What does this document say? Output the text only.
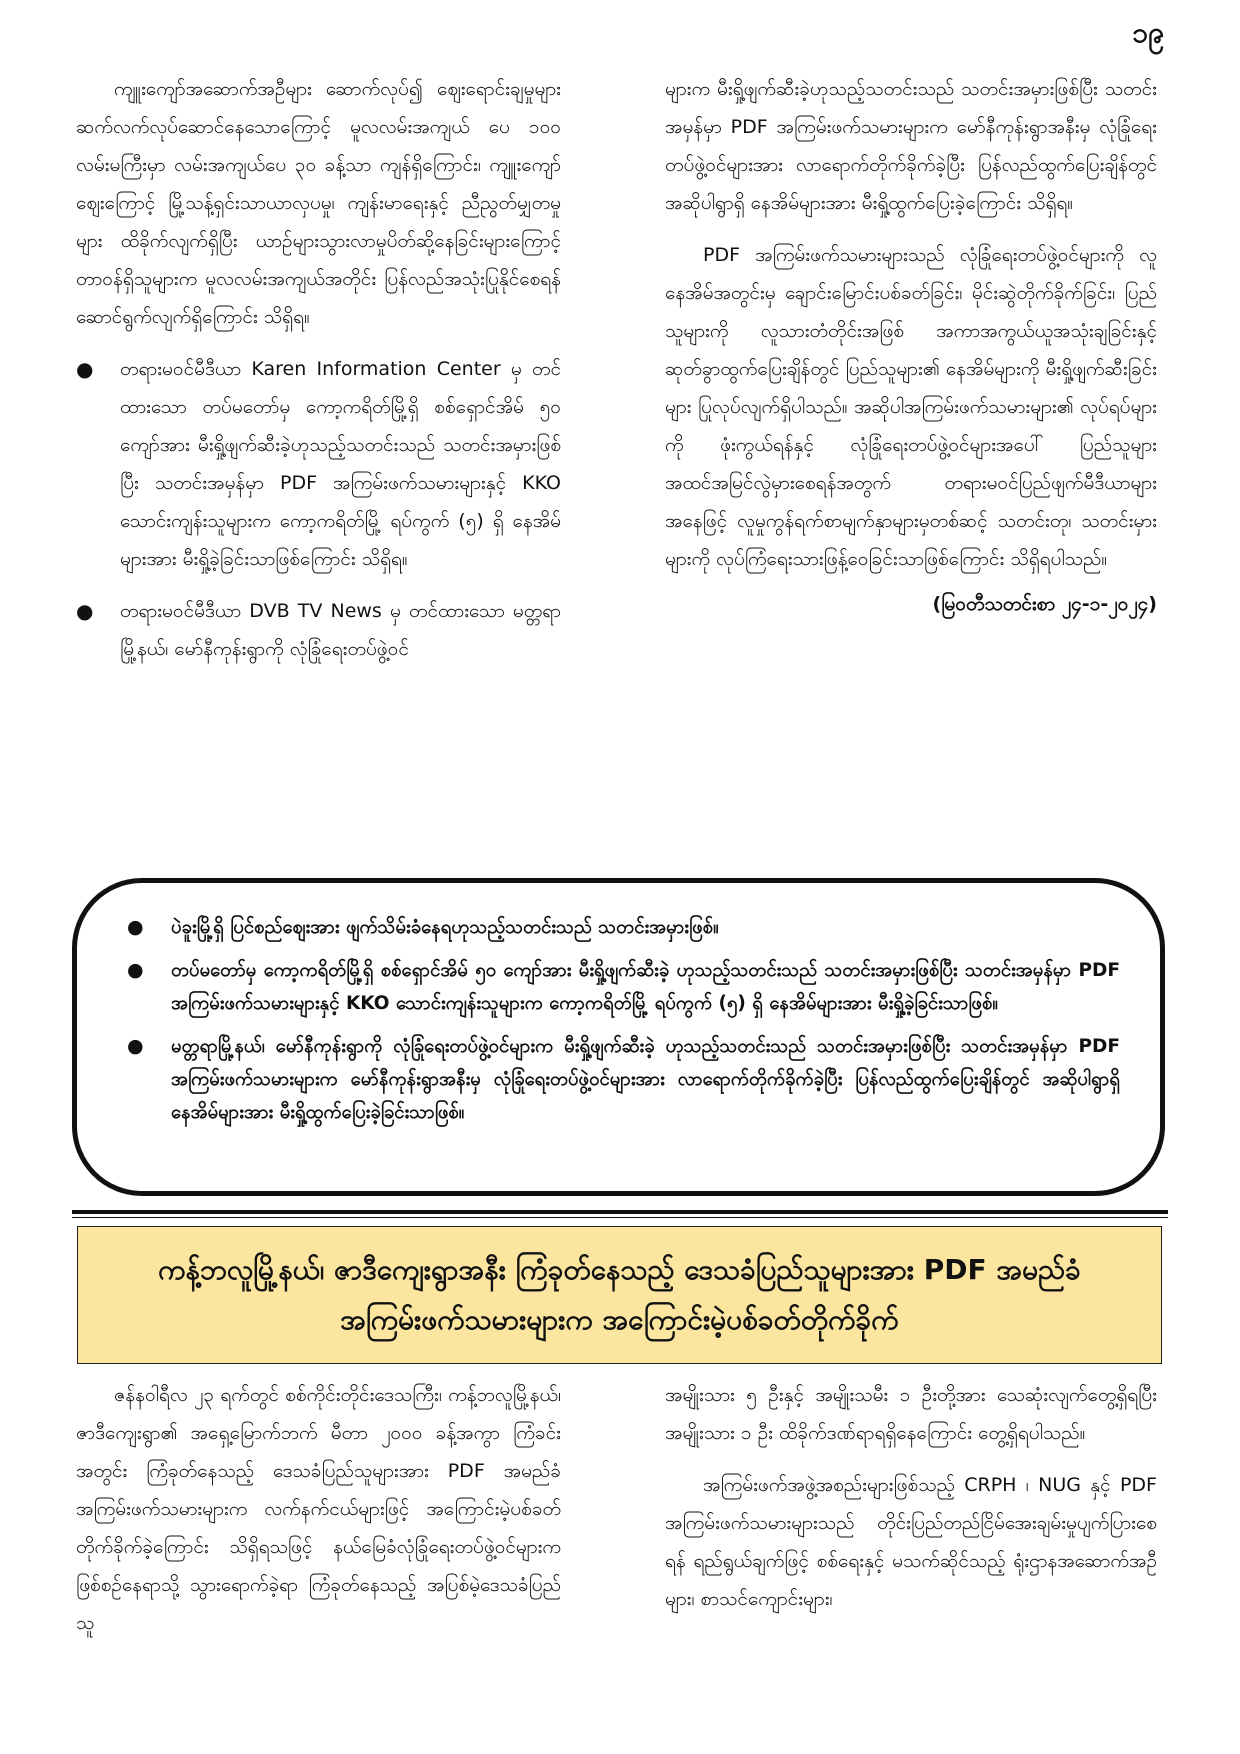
၁၉

ကျူးကျော်အဆောက်အဦများ ဆောက်လုပ်၍ ဈေးရောင်းချမှုများ ဆက်လက်လုပ်ဆောင်နေသောကြောင့် မူလလမ်းအကျယ် ပေ ၁၀၀ လမ်းမကြီးမှာ လမ်းအကျယ်ပေ ၃၀ ခန့်သာ ကျန်ရှိကြောင်း၊ ကျူးကျော်ဈေးကြောင့် မြို့သန့်ရှင်းသာယာလှပမှု၊ ကျန်းမာရေးနှင့် ညီညွတ်မျှတမှုများ ထိခိုက်လျက်ရှိပြီး ယာဉ်များသွားလာမှုပိတ်ဆို့နေခြင်းများကြောင့် တာဝန်ရှိသူများက မူလလမ်းအကျယ်အတိုင်း ပြန်လည်အသုံးပြုနိုင်စေရန် ဆောင်ရွက်လျက်ရှိကြောင်း သိရှိရ။

● တရားမဝင်မီဒီယာ Karen Information Center မှ တင်ထားသော တပ်မတော်မှ ကော့ကရိတ်မြို့ရှိ စစ်ရှောင်အိမ် ၅၀ ကျော်အား မီးရှို့ဖျက်ဆီးခဲ့ဟုသည့်သတင်းသည် သတင်းအမှားဖြစ်ပြီး သတင်းအမှန်မှာ PDF အကြမ်းဖက်သမားများနှင့် KKO သောင်းကျန်းသူများက ကော့ကရိတ်မြို့ ရပ်ကွက် (၅) ရှိ နေအိမ်များအား မီးရှို့ခဲ့ခြင်းသာဖြစ်ကြောင်း သိရှိရ။
● တရားမဝင်မီဒီယာ DVB TV News မှ တင်ထားသော မတ္တရာမြို့နယ်၊ မော်နီကုန်းရွာကို လုံခြုံရေးတပ်ဖွဲ့ဝင်

များက မီးရှို့ဖျက်ဆီးခဲ့ဟုသည့်သတင်းသည် သတင်းအမှားဖြစ်ပြီး သတင်းအမှန်မှာ PDF အကြမ်းဖက်သမားများက မော်နီကုန်းရွာအနီးမှ လုံခြုံရေးတပ်ဖွဲ့ဝင်များအား လာရောက်တိုက်ခိုက်ခဲ့ပြီး ပြန်လည်ထွက်ပြေးချိန်တွင် အဆိုပါရွာရှိ နေအိမ်များအား မီးရှို့ထွက်ပြေးခဲ့ကြောင်း သိရှိရ။

PDF အကြမ်းဖက်သမားများသည် လုံခြုံရေးတပ်ဖွဲ့ဝင်များကို လူနေအိမ်အတွင်းမှ ချောင်းမြောင်းပစ်ခတ်ခြင်း၊ မိုင်းဆွဲတိုက်ခိုက်ခြင်း၊ ပြည်သူများကို လူသားတံတိုင်းအဖြစ် အကာအကွယ်ယူအသုံးချခြင်းနှင့် ဆုတ်ခွာထွက်ပြေးချိန်တွင် ပြည်သူများ၏ နေအိမ်များကို မီးရှို့ဖျက်ဆီးခြင်းများ ပြုလုပ်လျက်ရှိပါသည်။ အဆိုပါအကြမ်းဖက်သမားများ၏ လုပ်ရပ်များကို ဖုံးကွယ်ရန်နှင့် လုံခြုံရေးတပ်ဖွဲ့ဝင်များအပေါ် ပြည်သူများ အထင်အမြင်လွဲမှားစေရန်အတွက် တရားမဝင်ပြည်ဖျက်မီဒီယာများအနေဖြင့် လူမှုကွန်ရက်စာမျက်နှာများမှတစ်ဆင့် သတင်းတု၊ သတင်းမှားများကို လုပ်ကြံရေးသားဖြန့်ဝေခြင်းသာဖြစ်ကြောင်း သိရှိရပါသည်။

(မြဝတီသတင်းစာ ၂၄-၁-၂၀၂၄)
● ပဲခူးမြို့ရှိ ပြင်စည်ဈေးအား ဖျက်သိမ်းခံနေရဟုသည့်သတင်းသည် သတင်းအမှားဖြစ်။
● တပ်မတော်မှ ကော့ကရိတ်မြို့ရှိ စစ်ရှောင်အိမ် ၅၀ ကျော်အား မီးရှို့ဖျက်ဆီးခဲ့ ဟုသည့်သတင်းသည် သတင်းအမှားဖြစ်ပြီး သတင်းအမှန်မှာ PDF အကြမ်းဖက်သမားများနှင့် KKO သောင်းကျန်းသူများက ကော့ကရိတ်မြို့ ရပ်ကွက် (၅) ရှိ နေအိမ်များအား မီးရှို့ခဲ့ခြင်းသာဖြစ်။
● မတ္တရာမြို့နယ်၊ မော်နီကုန်းရွာကို လုံခြုံရေးတပ်ဖွဲ့ဝင်များက မီးရှို့ဖျက်ဆီးခဲ့ ဟုသည့်သတင်းသည် သတင်းအမှားဖြစ်ပြီး သတင်းအမှန်မှာ PDF အကြမ်းဖက်သမားများက မော်နီကုန်းရွာအနီးမှ လုံခြုံရေးတပ်ဖွဲ့ဝင်များအား လာရောက်တိုက်ခိုက်ခဲ့ပြီး ပြန်လည်ထွက်ပြေးချိန်တွင် အဆိုပါရွာရှိ နေအိမ်များအား မီးရှို့ထွက်ပြေးခဲ့ခြင်းသာဖြစ်။
ကန့်ဘလူမြို့နယ်၊ ဇာဒီကျေးရွာအနီး ကြံခုတ်နေသည့် ဒေသခံပြည်သူများအား PDF အမည်ခံအကြမ်းဖက်သမားများက အကြောင်းမဲ့ပစ်ခတ်တိုက်ခိုက်

ဇန်နဝါရီလ ၂၃ ရက်တွင် စစ်ကိုင်းတိုင်းဒေသကြီး၊ ကန့်ဘလူမြို့နယ်၊ ဇာဒီကျေးရွာ၏ အရှေ့မြောက်ဘက် မီတာ ၂၀၀၀ ခန့်အကွာ ကြံခင်းအတွင်း ကြံခုတ်နေသည့် ဒေသခံပြည်သူများအား PDF အမည်ခံအကြမ်းဖက်သမားများက လက်နက်ငယ်များဖြင့် အကြောင်းမဲ့ပစ်ခတ်တိုက်ခိုက်ခဲ့ကြောင်း သိရှိရသဖြင့် နယ်မြေခံလုံခြုံရေးတပ်ဖွဲ့ဝင်များက ဖြစ်စဉ်နေရာသို့ သွားရောက်ခဲ့ရာ ကြံခုတ်နေသည့် အပြစ်မဲ့ဒေသခံပြည်သူ

အမျိုးသား ၅ ဦးနှင့် အမျိုးသမီး ၁ ဦးတို့အား သေဆုံးလျက်တွေ့ရှိရပြီး အမျိုးသား ၁ ဦး ထိခိုက်ဒဏ်ရာရရှိနေကြောင်း တွေ့ရှိရပါသည်။

အကြမ်းဖက်အဖွဲ့အစည်းများဖြစ်သည့် CRPH ၊ NUG နှင့် PDF အကြမ်းဖက်သမားများသည် တိုင်းပြည်တည်ငြိမ်အေးချမ်းမှုပျက်ပြားစေရန် ရည်ရွယ်ချက်ဖြင့် စစ်ရေးနှင့် မသက်ဆိုင်သည့် ရုံးဌာနအဆောက်အဦများ၊ စာသင်ကျောင်းများ၊
